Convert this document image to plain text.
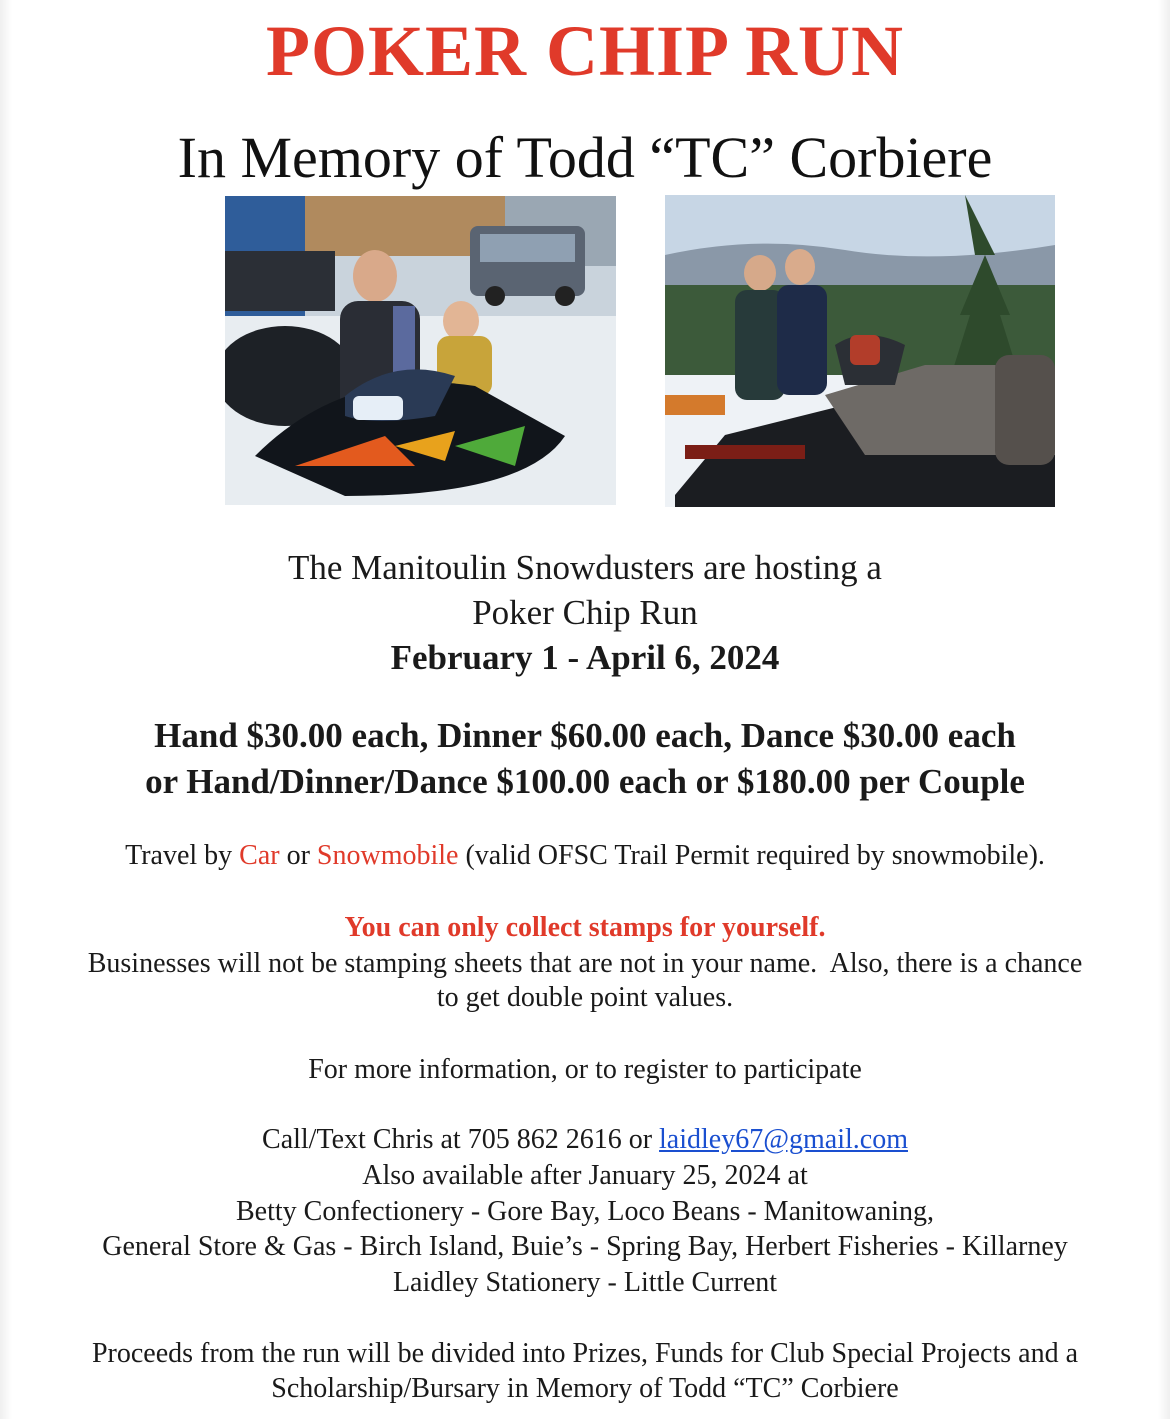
POKER CHIP RUN
In Memory of Todd “TC” Corbiere
The Manitoulin Snowdusters are hosting a
Poker Chip Run
February 1 - April 6, 2024
Hand $30.00 each, Dinner $60.00 each, Dance $30.00 each
or Hand/Dinner/Dance $100.00 each or $180.00 per Couple
Travel by Car or Snowmobile (valid OFSC Trail Permit required by snowmobile).
You can only collect stamps for yourself.
Businesses will not be stamping sheets that are not in your name.  Also, there is a chance
to get double point values.
For more information, or to register to participate
Call/Text Chris at 705 862 2616 or laidley67@gmail.com
Also available after January 25, 2024 at
Betty Confectionery - Gore Bay, Loco Beans - Manitowaning,
General Store & Gas - Birch Island, Buie’s - Spring Bay, Herbert Fisheries - Killarney
Laidley Stationery - Little Current
Proceeds from the run will be divided into Prizes, Funds for Club Special Projects and a
Scholarship/Bursary in Memory of Todd “TC” Corbiere
